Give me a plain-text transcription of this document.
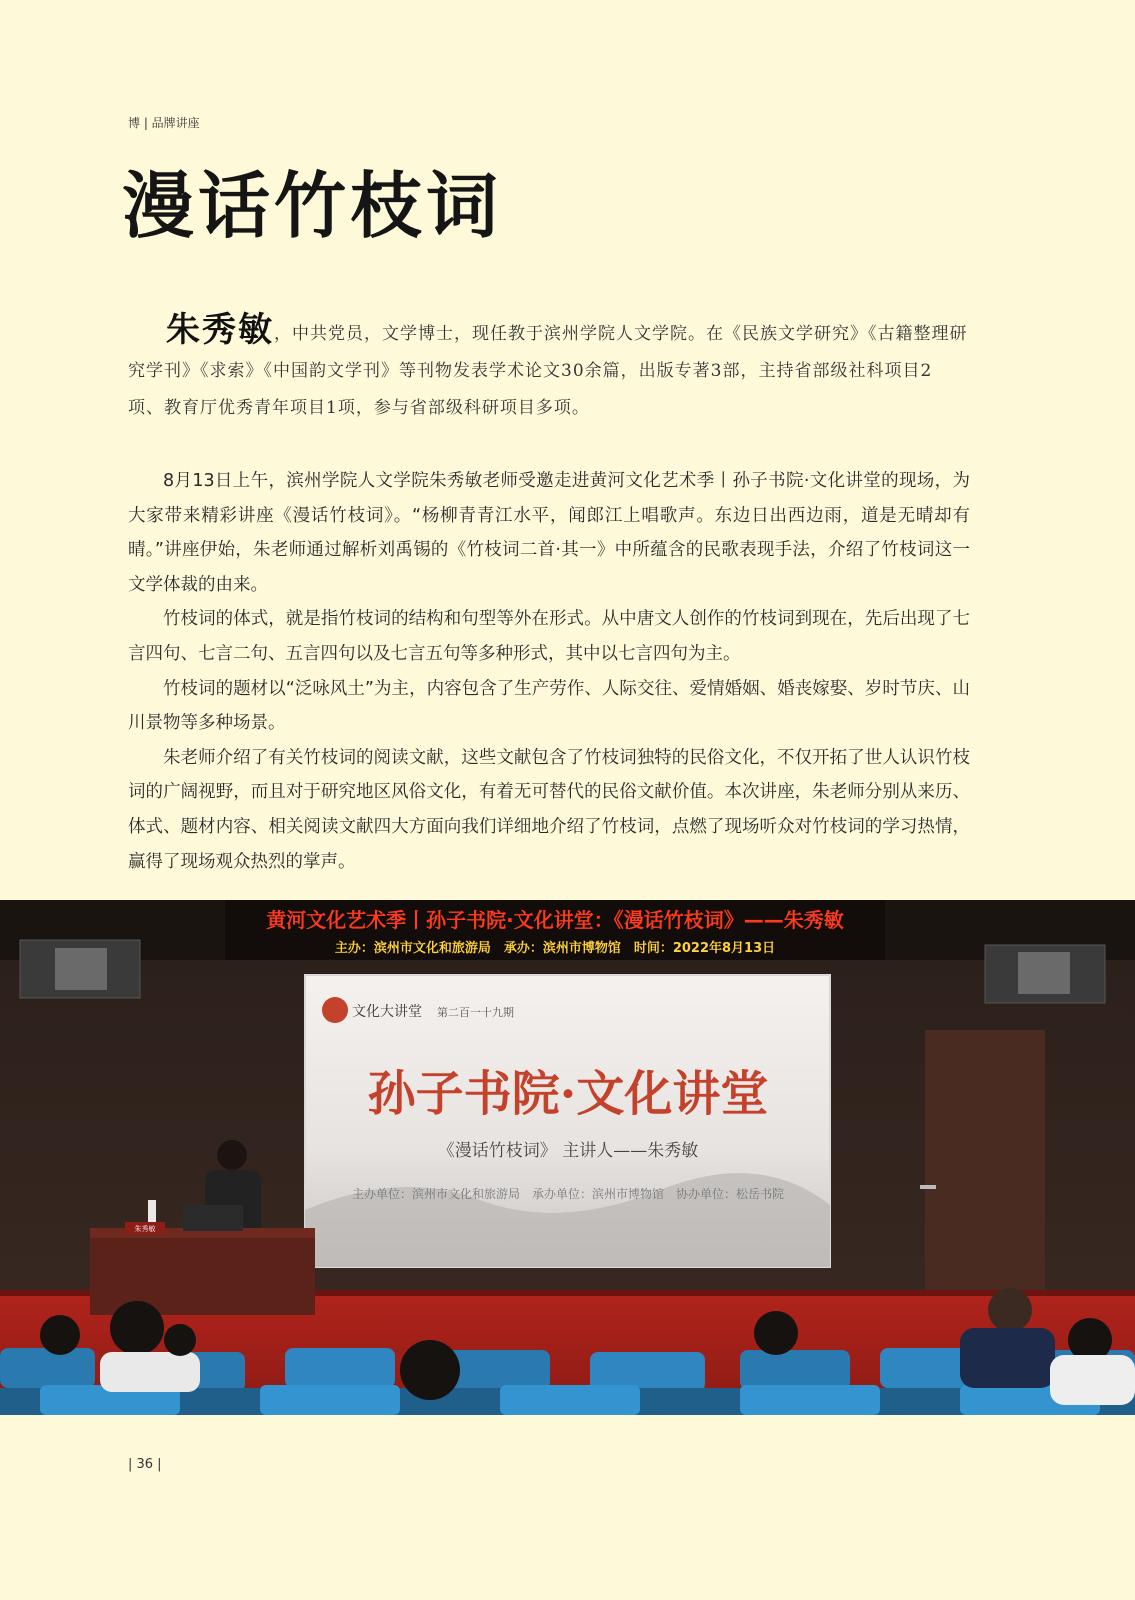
博 | 品牌讲座
漫话竹枝词
朱秀敏，中共党员，文学博士，现任教于滨州学院人文学院。在《民族文学研究》《古籍整理研究学刊》《求索》《中国韵文学刊》等刊物发表学术论文30余篇，出版专著3部，主持省部级社科项目2项、教育厅优秀青年项目1项，参与省部级科研项目多项。

8月13日上午，滨州学院人文学院朱秀敏老师受邀走进黄河文化艺术季丨孙子书院·文化讲堂的现场，为大家带来精彩讲座《漫话竹枝词》。“杨柳青青江水平，闻郎江上唱歌声。东边日出西边雨，道是无晴却有晴。”讲座伊始，朱老师通过解析刘禹锡的《竹枝词二首·其一》中所蕴含的民歌表现手法，介绍了竹枝词这一文学体裁的由来。

竹枝词的体式，就是指竹枝词的结构和句型等外在形式。从中唐文人创作的竹枝词到现在，先后出现了七言四句、七言二句、五言四句以及七言五句等多种形式，其中以七言四句为主。

竹枝词的题材以“泛咏风土”为主，内容包含了生产劳作、人际交往、爱情婚姻、婚丧嫁娶、岁时节庆、山川景物等多种场景。

朱老师介绍了有关竹枝词的阅读文献，这些文献包含了竹枝词独特的民俗文化，不仅开拓了世人认识竹枝词的广阔视野，而且对于研究地区风俗文化，有着无可替代的民俗文献价值。本次讲座，朱老师分别从来历、体式、题材内容、相关阅读文献四大方面向我们详细地介绍了竹枝词，点燃了现场听众对竹枝词的学习热情，赢得了现场观众热烈的掌声。

黄河文化艺术季丨孙子书院·文化讲堂：《漫话竹枝词》——朱秀敏
主办：滨州市文化和旅游局　承办：滨州市博物馆　时间：2022年8月13日
文化大讲堂 第二百一十九期
孙子书院·文化讲堂
《漫话竹枝词》 主讲人——朱秀敏
主办单位：滨州市文化和旅游局　承办单位：滨州市博物馆　协办单位：松岳书院
朱秀敏
| 36 |
